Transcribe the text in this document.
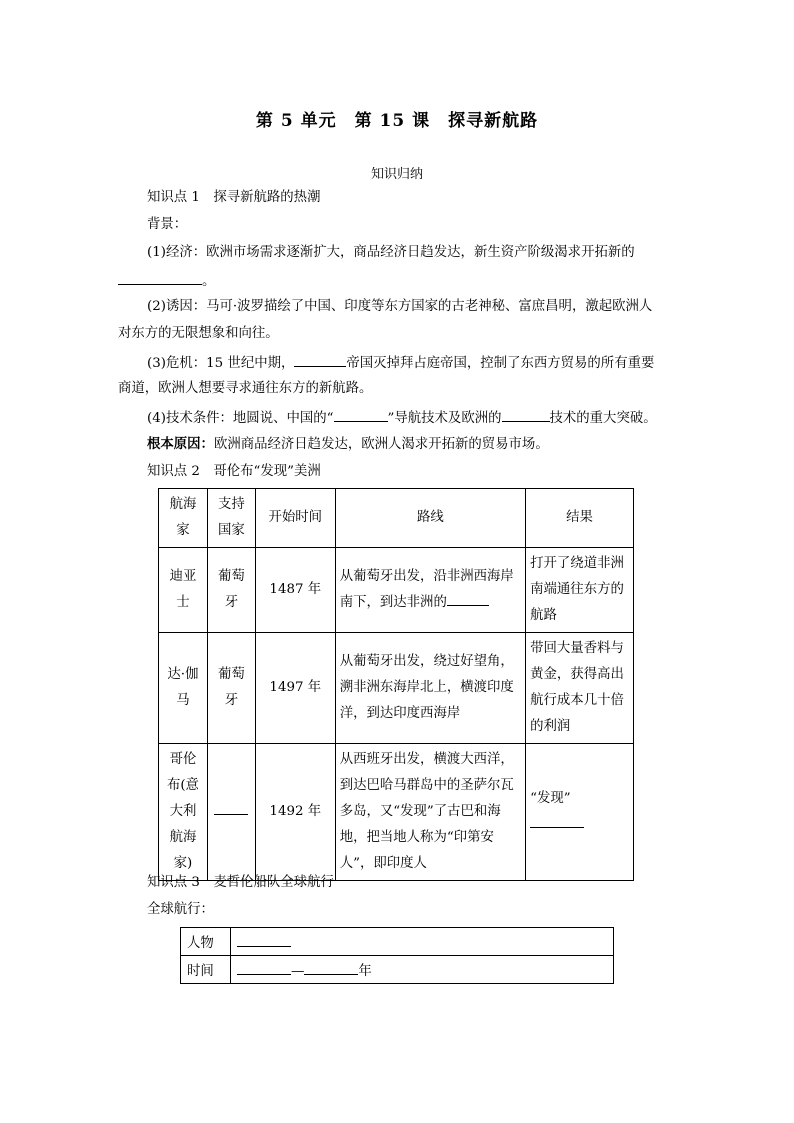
第 5 单元　第 15 课　探寻新航路
知识归纳
知识点 1　探寻新航路的热潮
背景：
(1)经济：欧洲市场需求逐渐扩大，商品经济日趋发达，新生资产阶级渴求开拓新的
。
(2)诱因：马可·波罗描绘了中国、印度等东方国家的古老神秘、富庶昌明，激起欧洲人
对东方的无限想象和向往。
(3)危机：15 世纪中期，	帝国灭掉拜占庭帝国，控制了东西方贸易的所有重要
商道，欧洲人想要寻求通往东方的新航路。
(4)技术条件：地圆说、中国的“	”导航技术及欧洲的	技术的重大突破。
根本原因：欧洲商品经济日趋发达，欧洲人渴求开拓新的贸易市场。
知识点 2　哥伦布“发现”美洲
航海家	支持国家	开始时间	路线	结果
迪亚士	葡萄牙	1487 年	从葡萄牙出发，沿非洲西海岸南下，到达非洲的	打开了绕道非洲南端通往东方的航路
达·伽马	葡萄牙	1497 年	从葡萄牙出发，绕过好望角，溯非洲东海岸北上，横渡印度洋，到达印度西海岸	带回大量香料与黄金，获得高出航行成本几十倍的利润
哥伦布(意大利航海家)		1492 年	从西班牙出发，横渡大西洋，到达巴哈马群岛中的圣萨尔瓦多岛，又“发现”了古巴和海地，把当地人称为“印第安人”，即印度人	“发现”

知识点 3　麦哲伦船队全球航行
全球航行：
人物	
时间	— 年
